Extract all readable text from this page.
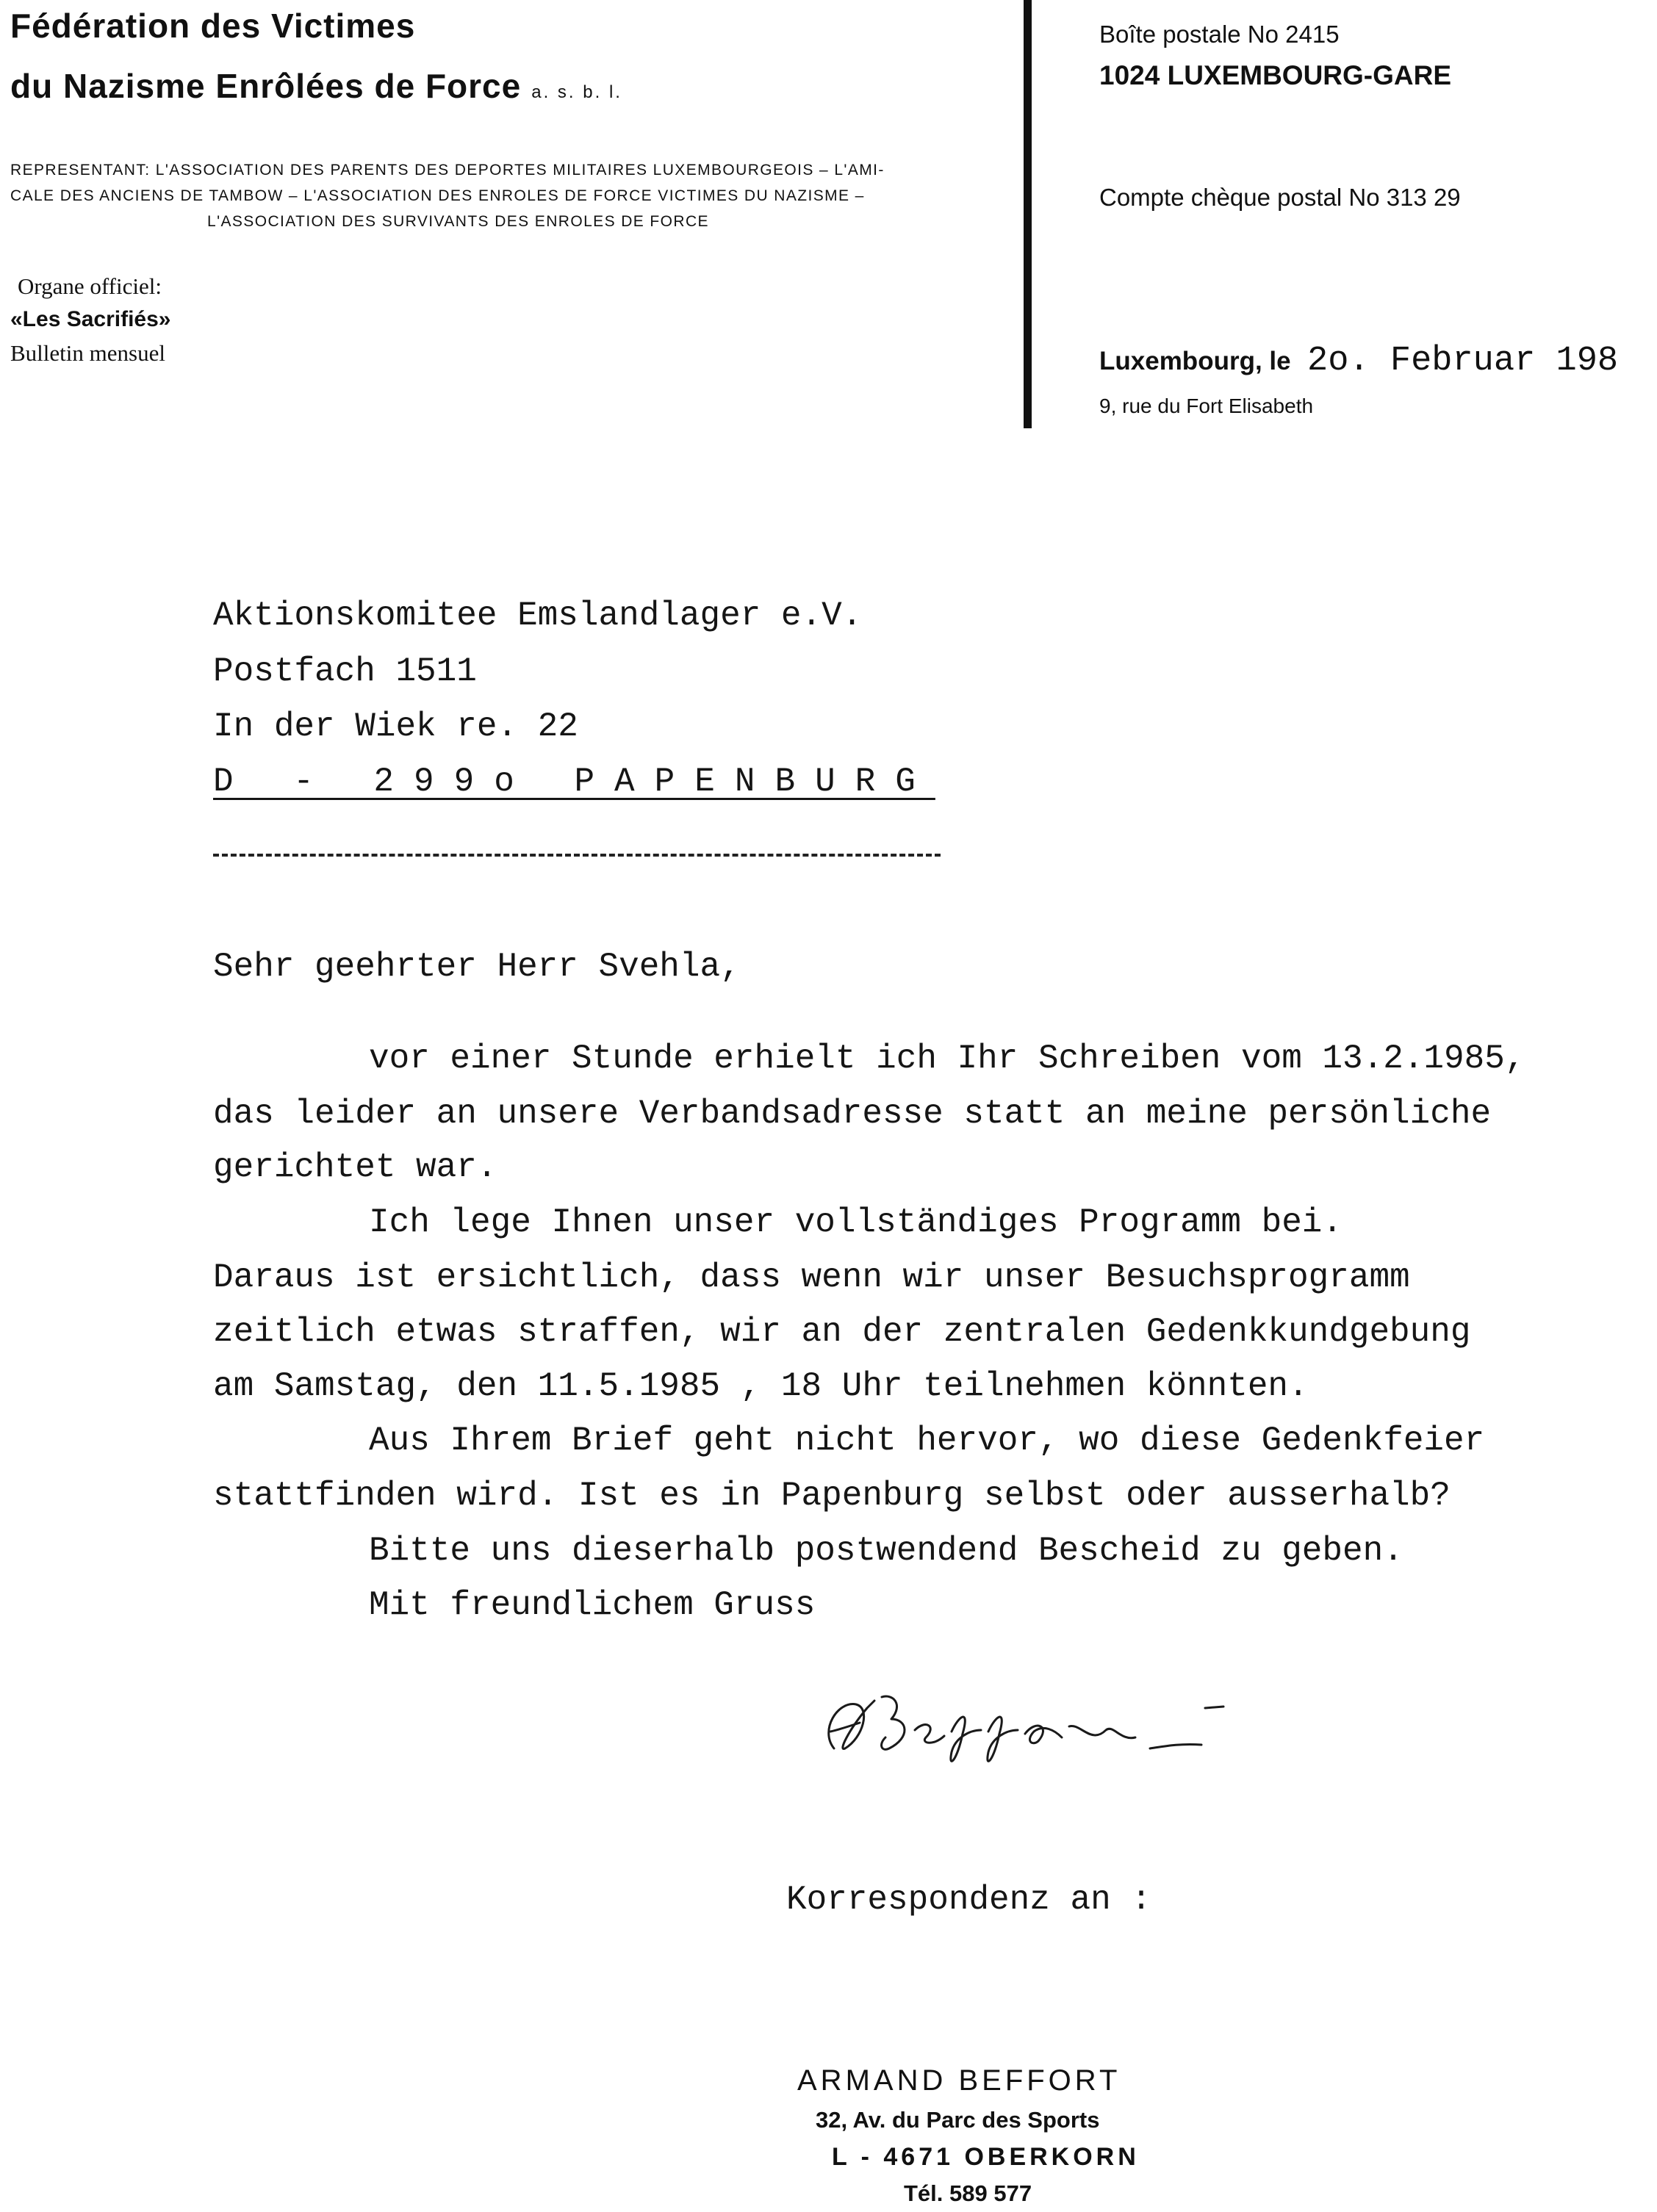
Fédération des Victimes
du Nazisme Enrôlées de Force a. s. b. l.
REPRESENTANT: L'ASSOCIATION DES PARENTS DES DEPORTES MILITAIRES LUXEMBOURGEOIS – L'AMI-
CALE DES ANCIENS DE TAMBOW – L'ASSOCIATION DES ENROLES DE FORCE VICTIMES DU NAZISME –
L'ASSOCIATION DES SURVIVANTS DES ENROLES DE FORCE
Organe officiel:
«Les Sacrifiés»
Bulletin mensuel
Boîte postale No 2415
1024 LUXEMBOURG-GARE
Compte chèque postal No 313 29
Luxembourg, le 2o. Februar 198
9, rue du Fort Elisabeth
Aktionskomitee Emslandlager e.V.
Postfach 1511
In der Wiek re. 22
D - 299o PAPENBURG
Sehr geehrter Herr Svehla,
vor einer Stunde erhielt ich Ihr Schreiben vom 13.2.1985,
das leider an unsere Verbandsadresse statt an meine persönliche
gerichtet war.
Ich lege Ihnen unser vollständiges Programm bei.
Daraus ist ersichtlich, dass wenn wir unser Besuchsprogramm
zeitlich etwas straffen, wir an der zentralen Gedenkkundgebung
am Samstag, den 11.5.1985 , 18 Uhr teilnehmen könnten.
Aus Ihrem Brief geht nicht hervor, wo diese Gedenkfeier
stattfinden wird. Ist es in Papenburg selbst oder ausserhalb?
Bitte uns dieserhalb postwendend Bescheid zu geben.
Mit freundlichem Gruss
Korrespondenz an :
ARMAND BEFFORT
32, Av. du Parc des Sports
L - 4671 OBERKORN
Tél. 589 577
